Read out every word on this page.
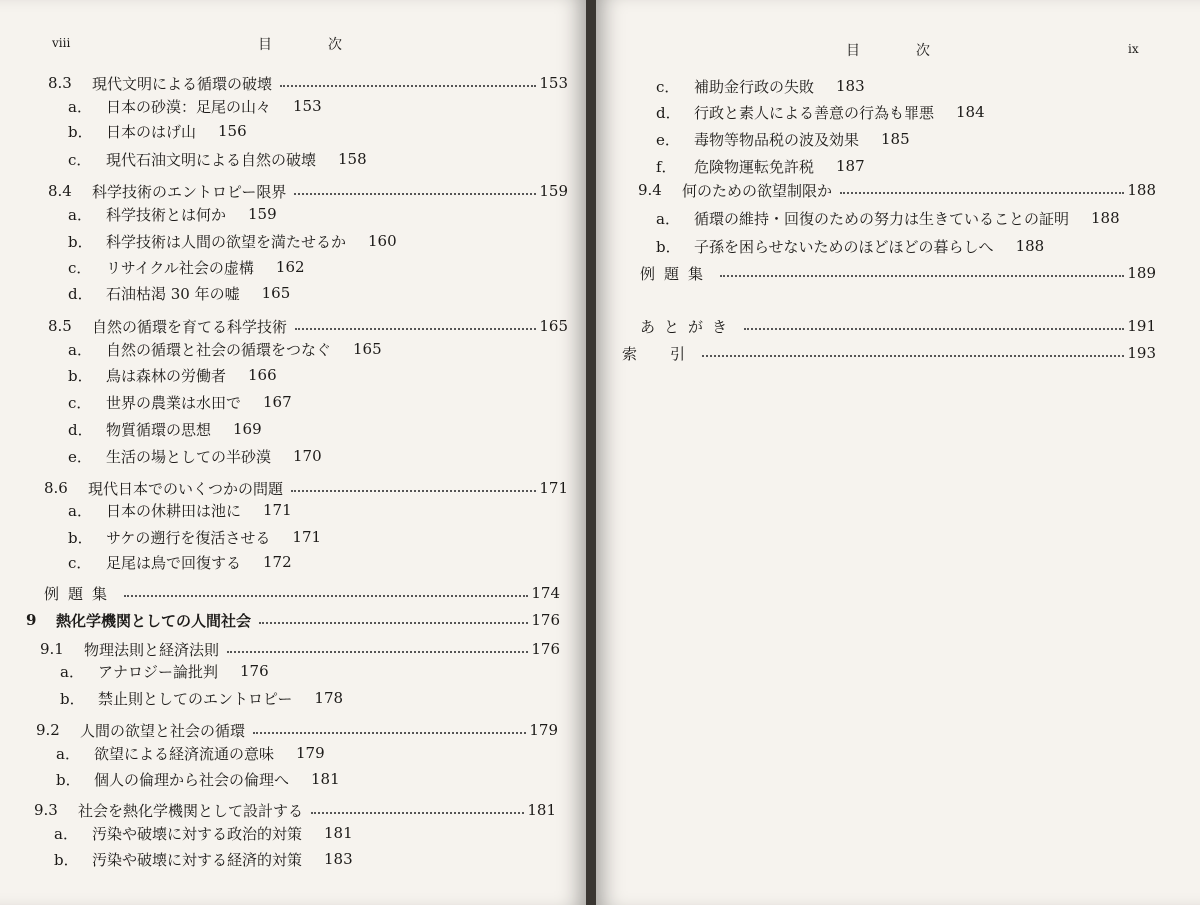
viii	目　　　　次
8.3	現代文明による循環の破壊	153
a． 日本の砂漠：足尾の山々 153
b． 日本のはげ山 156
c． 現代石油文明による自然の破壊 158
8.4	科学技術のエントロピー限界	159
a． 科学技術とは何か 159
b． 科学技術は人間の欲望を満たせるか 160
c． リサイクル社会の虚構 162
d． 石油枯渇 30 年の嘘 165
8.5	自然の循環を育てる科学技術	165
a． 自然の循環と社会の循環をつなぐ 165
b． 鳥は森林の労働者 166
c． 世界の農業は水田で 167
d． 物質循環の思想 169
e． 生活の場としての半砂漠 170
8.6	現代日本でのいくつかの問題	171
a． 日本の休耕田は池に 171
b． サケの遡行を復活させる 171
c． 足尾は鳥で回復する 172
例題集	174
9	熱化学機関としての人間社会	176
9.1	物理法則と経済法則	176
a． アナロジー論批判 176
b． 禁止則としてのエントロピー 178
9.2	人間の欲望と社会の循環	179
a． 欲望による経済流通の意味 179
b． 個人の倫理から社会の倫理へ 181
9.3	社会を熱化学機関として設計する	181
a． 汚染や破壊に対する政治的対策 181
b． 汚染や破壊に対する経済的対策 183
目　　　　次	ix
c． 補助金行政の失敗 183
d． 行政と素人による善意の行為も罪悪 184
e． 毒物等物品税の波及効果 185
f．	危険物運転免許税 187
9.4	何のための欲望制限か	188
a． 循環の維持・回復のための努力は生きていることの証明 188
b． 子孫を困らせないためのほどほどの暮らしへ 188
例題集	189
あとがき	191
索　引	193
